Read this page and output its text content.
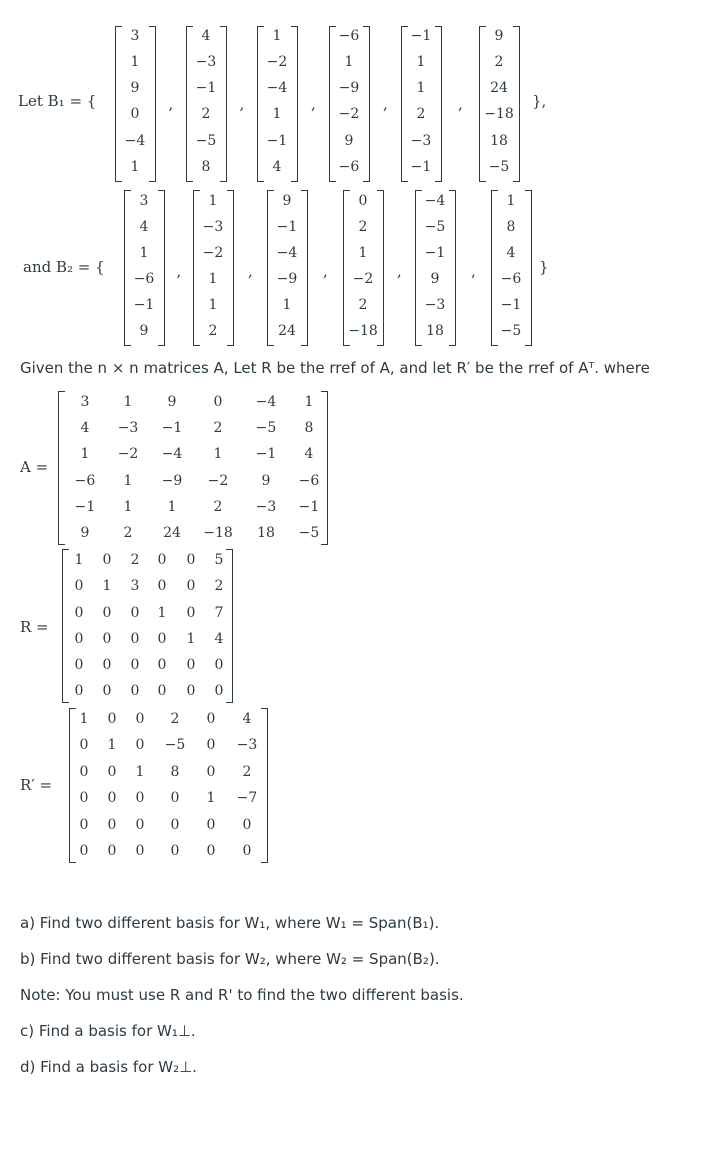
Let B₁ = {
3
1
9
0
−4
1
,
4
−3
−1
2
−5
8
,
1
−2
−4
1
−1
4
,
−6
1
−9
−2
9
−6
,
−1
1
1
2
−3
−1
,
9
2
24
−18
18
−5
},
and B₂ = {
3
4
1
−6
−1
9
,
1
−3
−2
1
1
2
,
9
−1
−4
−9
1
24
,
0
2
1
−2
2
−18
,
−4
−5
−1
9
−3
18
,
1
8
4
−6
−1
−5
}
Given the n × n matrices A, Let R be the rref of A, and let R′ be the rref of Aᵀ. where
A =
3	1	9	0	−4	1
4	−3	−1	2	−5	8
1	−2	−4	1	−1	4
−6	1	−9	−2	9	−6
−1	1	1	2	−3	−1
9	2	24	−18	18	−5
R =
1	0	2	0	0	5
0	1	3	0	0	2
0	0	0	1	0	7
0	0	0	0	1	4
0	0	0	0	0	0
0	0	0	0	0	0
R′ =
1	0	0	2	0	4
0	1	0	−5	0	−3
0	0	1	8	0	2
0	0	0	0	1	−7
0	0	0	0	0	0
0	0	0	0	0	0
a) Find two different basis for W₁, where W₁ = Span(B₁).
b) Find two different basis for W₂, where W₂ = Span(B₂).
Note: You must use R and R' to find the two different basis.
c) Find a basis for W₁⊥.
d) Find a basis for W₂⊥.
